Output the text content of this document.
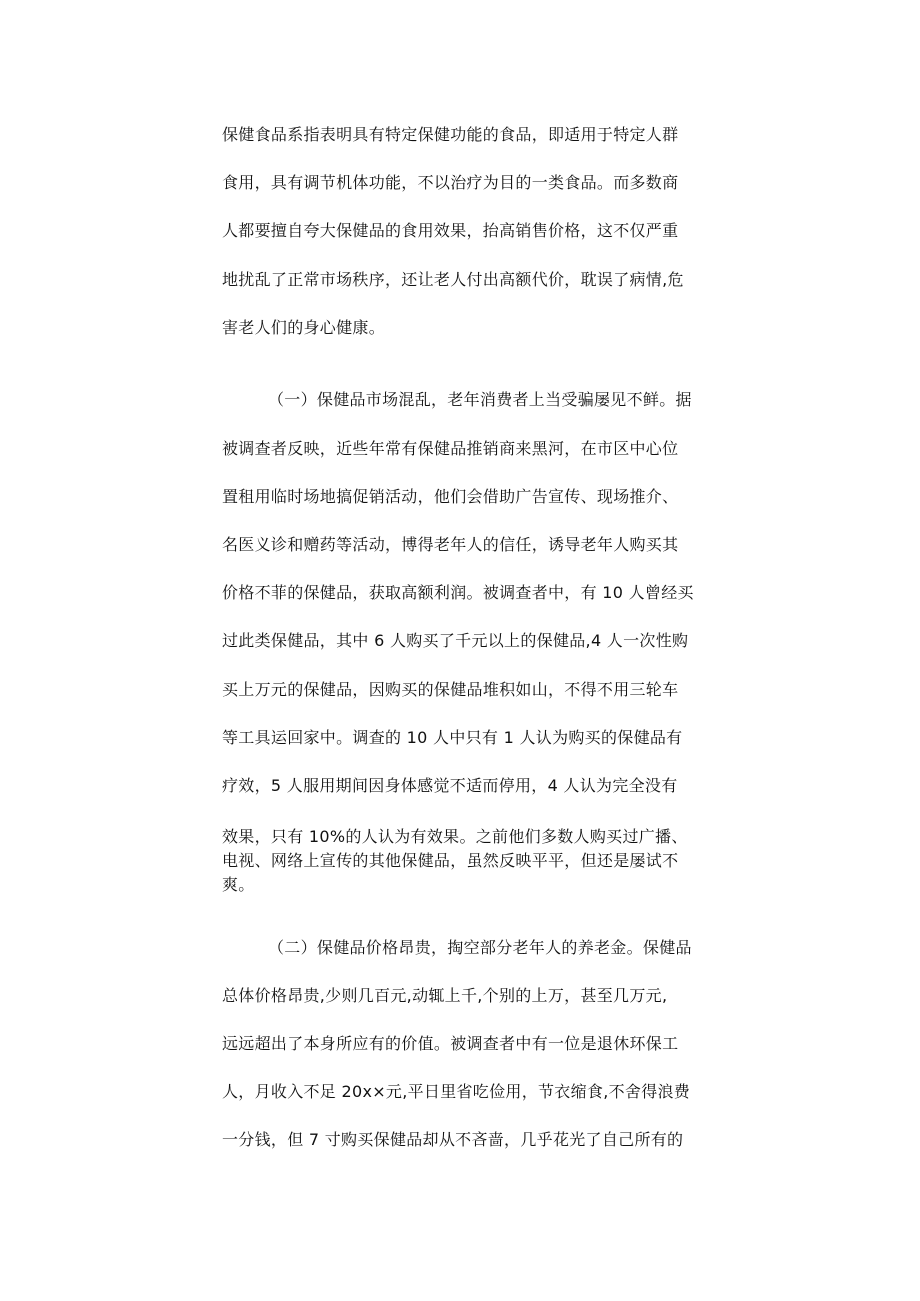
保健食品系指表明具有特定保健功能的食品，即适用于特定人群
食用，具有调节机体功能，不以治疗为目的一类食品。而多数商
人都要擅自夸大保健品的食用效果，抬高销售价格，这不仅严重
地扰乱了正常市场秩序，还让老人付出高额代价，耽误了病情,危
害老人们的身心健康。
（一）保健品市场混乱，老年消费者上当受骗屡见不鲜。据
被调查者反映，近些年常有保健品推销商来黑河，在市区中心位
置租用临时场地搞促销活动，他们会借助广告宣传、现场推介、
名医义诊和赠药等活动，博得老年人的信任，诱导老年人购买其
价格不菲的保健品，获取高额利润。被调查者中，有 10 人曾经买
过此类保健品，其中 6 人购买了千元以上的保健品,4 人一次性购
买上万元的保健品，因购买的保健品堆积如山，不得不用三轮车
等工具运回家中。调查的 10 人中只有 1 人认为购买的保健品有
疗效，5 人服用期间因身体感觉不适而停用，4 人认为完全没有
效果，只有 10%的人认为有效果。之前他们多数人购买过广播、
电视、网络上宣传的其他保健品，虽然反映平平，但还是屡试不
爽。
（二）保健品价格昂贵，掏空部分老年人的养老金。保健品
总体价格昂贵,少则几百元,动辄上千,个别的上万，甚至几万元,
远远超出了本身所应有的价值。被调查者中有一位是退休环保工
人，月收入不足 20x×元,平日里省吃俭用，节衣缩食,不舍得浪费
一分钱，但 7 寸购买保健品却从不吝啬，几乎花光了自己所有的
